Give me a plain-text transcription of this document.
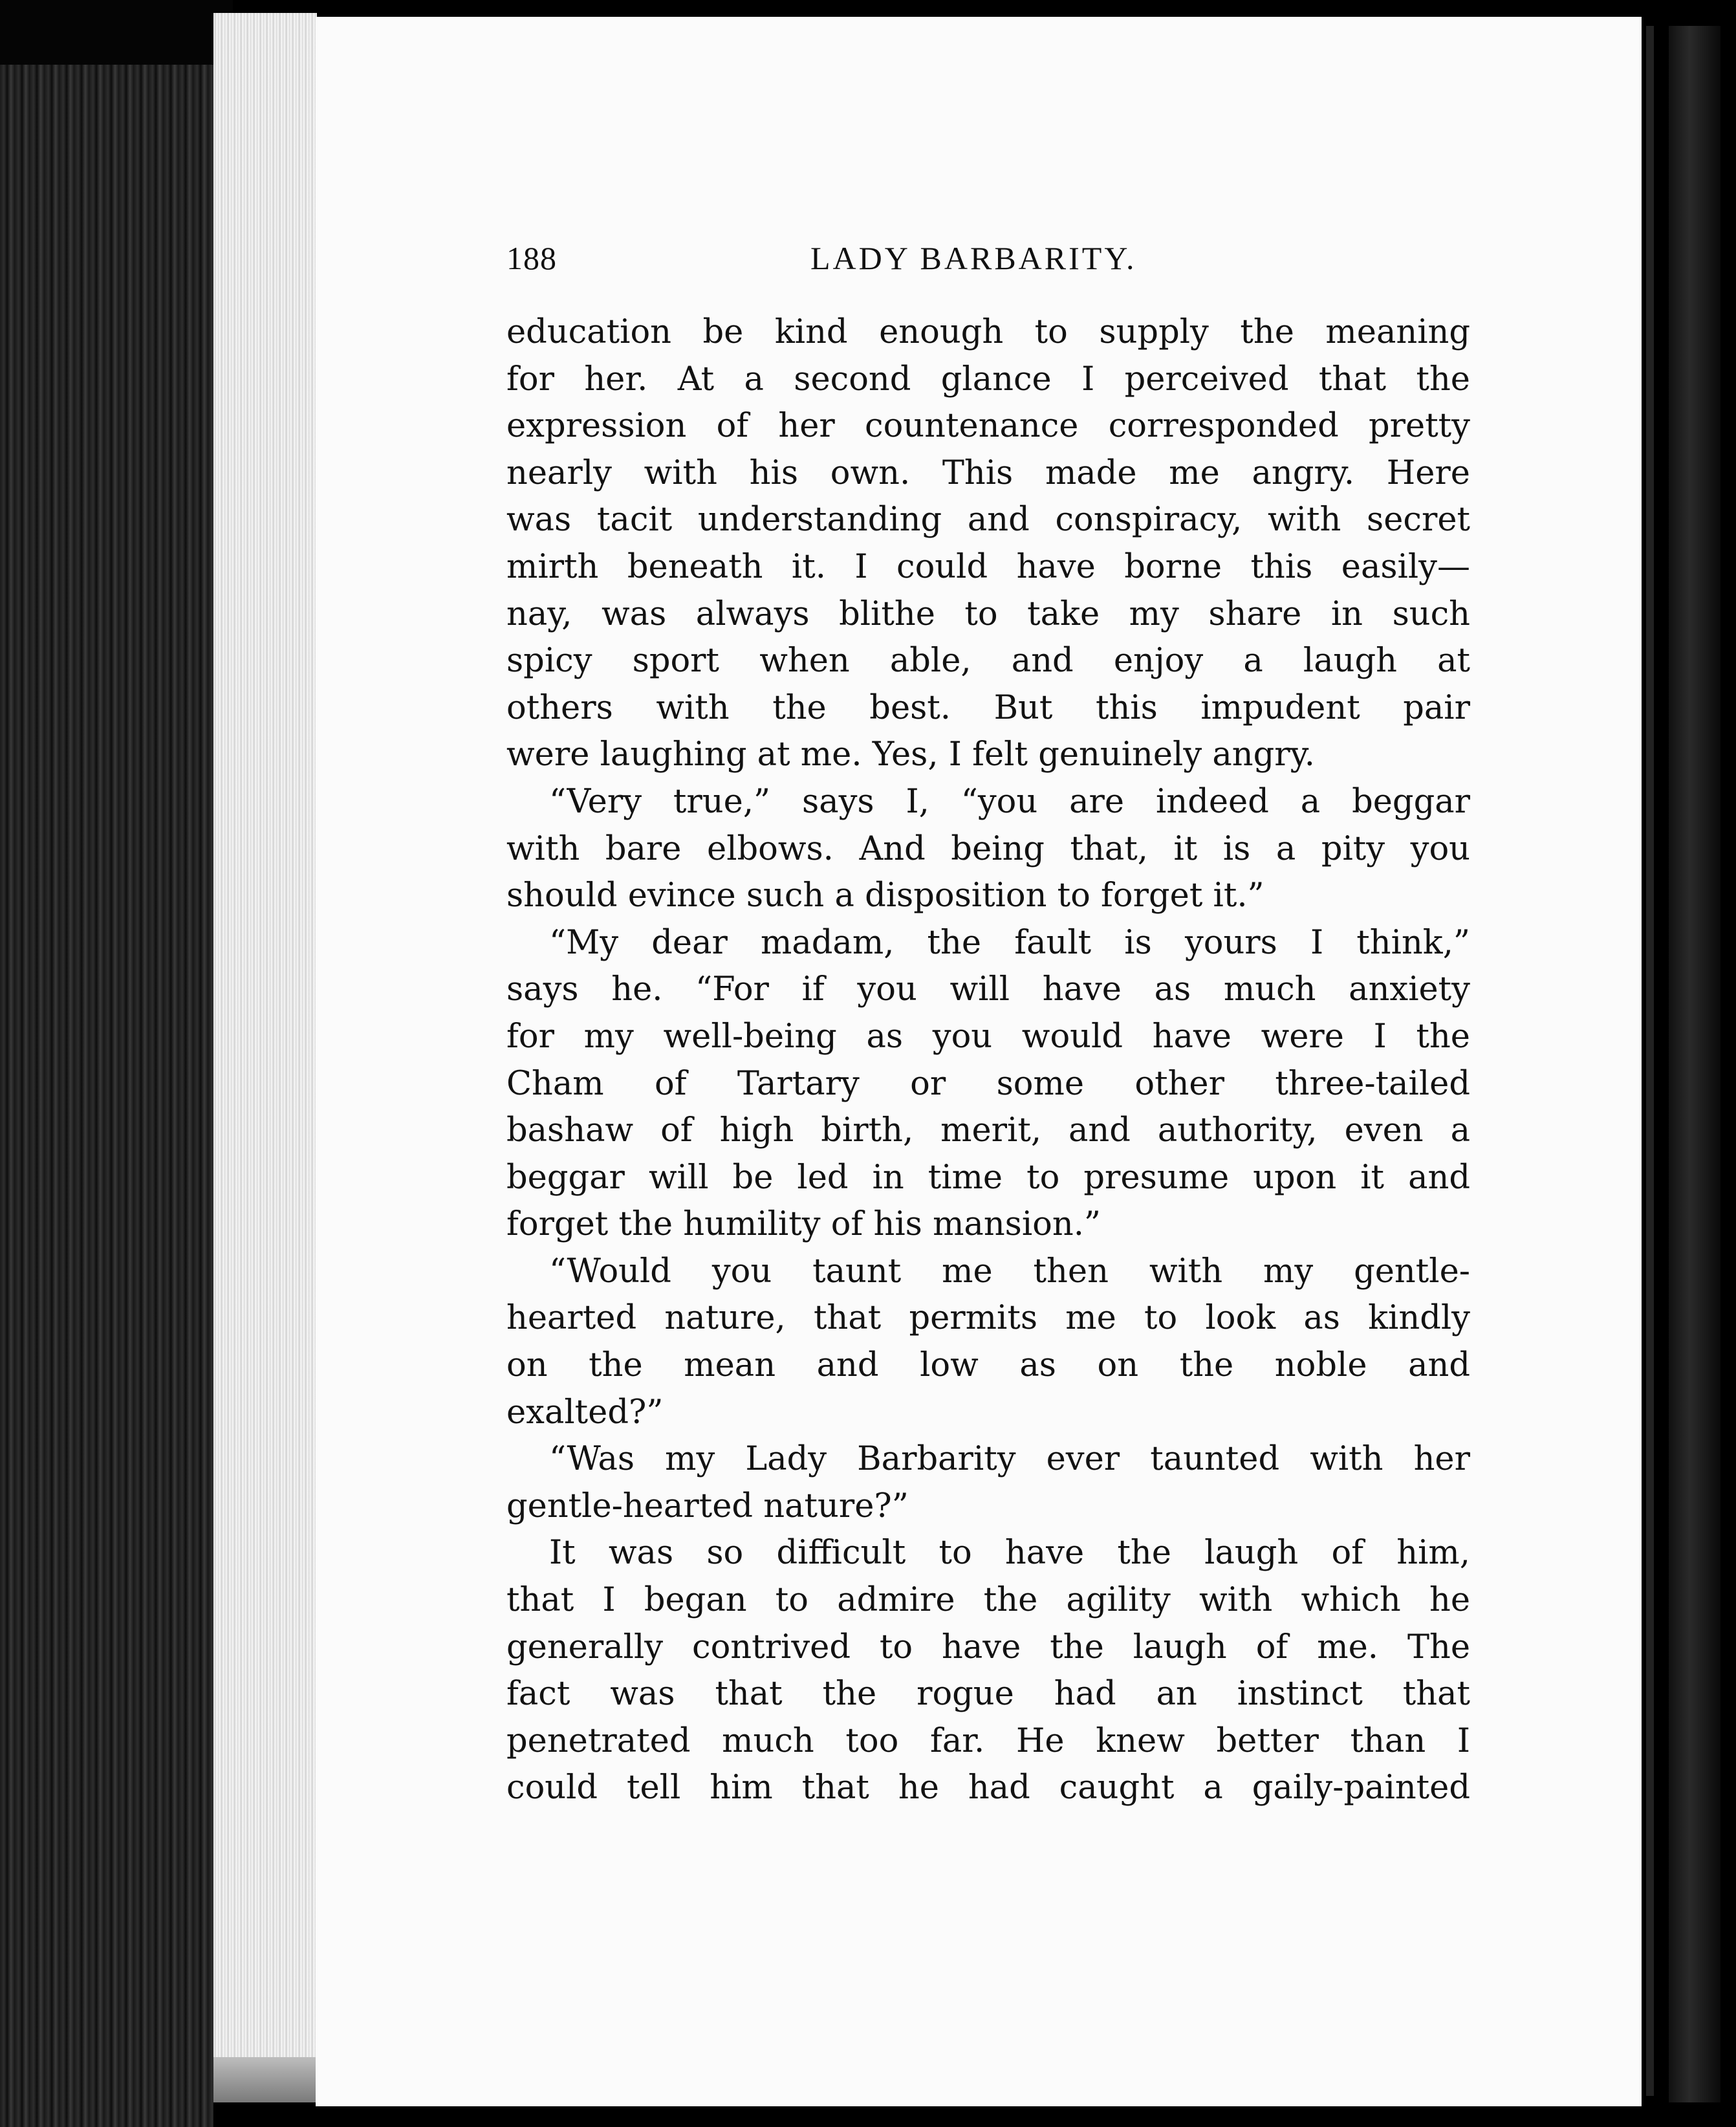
188	LADY BARBARITY.
education be kind enough to supply the meaning
for her. At a second glance I perceived that the
expression of her countenance corresponded pretty
nearly with his own. This made me angry. Here
was tacit understanding and conspiracy, with secret
mirth beneath it. I could have borne this easily—
nay, was always blithe to take my share in such
spicy sport when able, and enjoy a laugh at
others with the best. But this impudent pair
were laughing at me. Yes, I felt genuinely angry.
“Very true,” says I, “you are indeed a beggar
with bare elbows. And being that, it is a pity you
should evince such a disposition to forget it.”
“My dear madam, the fault is yours I think,”
says he. “For if you will have as much anxiety
for my well-being as you would have were I the
Cham of Tartary or some other three-tailed
bashaw of high birth, merit, and authority, even a
beggar will be led in time to presume upon it and
forget the humility of his mansion.”
“Would you taunt me then with my gentle-
hearted nature, that permits me to look as kindly
on the mean and low as on the noble and
exalted?”
“Was my Lady Barbarity ever taunted with her
gentle-hearted nature?”
It was so difficult to have the laugh of him,
that I began to admire the agility with which he
generally contrived to have the laugh of me. The
fact was that the rogue had an instinct that
penetrated much too far. He knew better than I
could tell him that he had caught a gaily-painted
